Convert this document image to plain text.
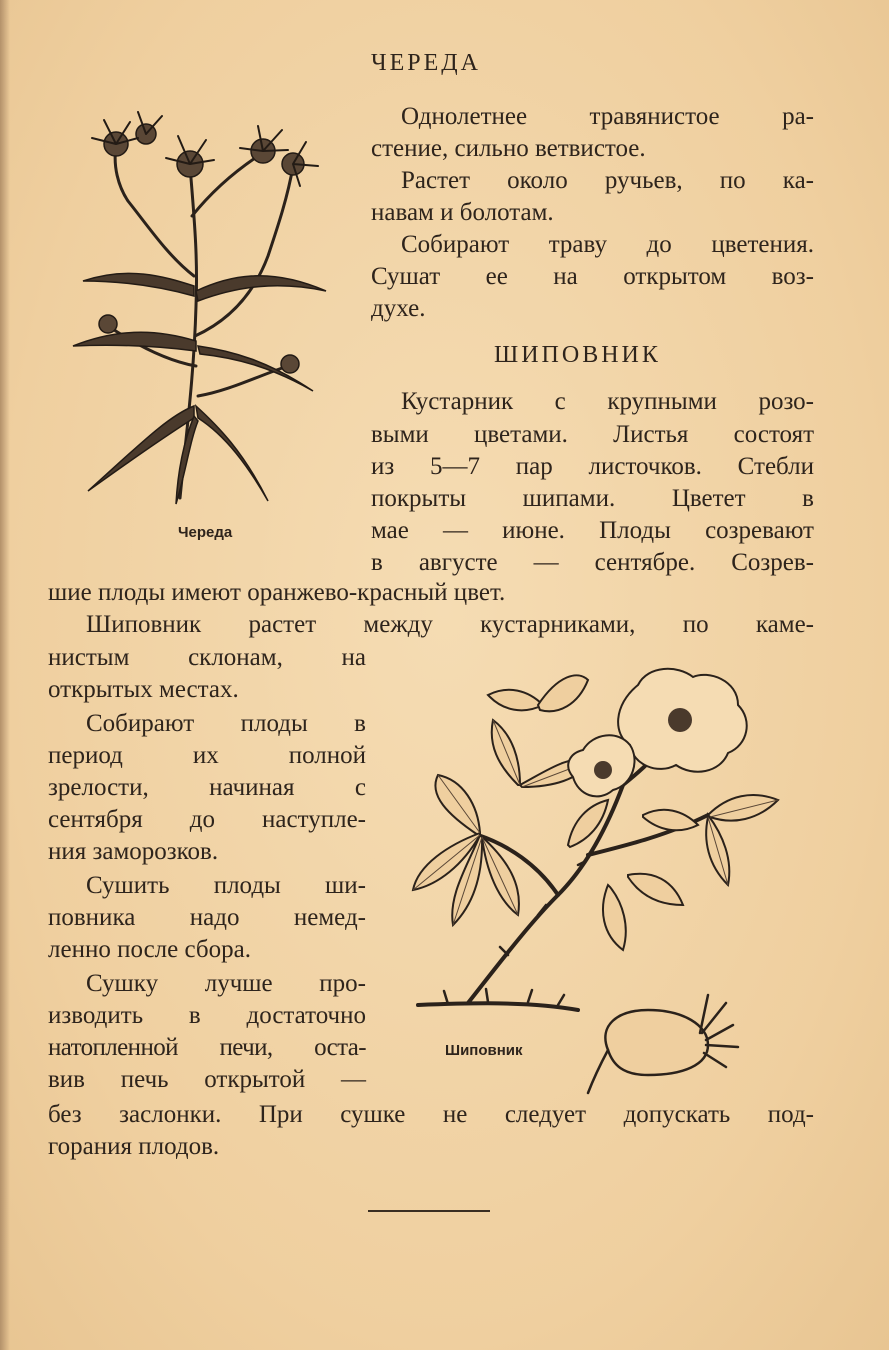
Череда

ЧЕРЕДА

Однолетнее травянистое ра-

стение, сильно ветвистое.

Растет около ручьев, по ка-

навам и болотам.

Собирают траву до цветения.

Сушат ее на открытом воз-

духе.

ШИПОВНИК

Кустарник с крупными розо-

выми цветами. Листья состоят

из 5—7 пар листочков. Стебли

покрыты шипами. Цветет в

мае — июне. Плоды созревают

в августе — сентябре. Созрев-

шие плоды имеют оранжево-красный цвет.

Шиповник растет между кустарниками, по каме-

нистым склонам, на

открытых местах.

Собирают плоды в

период их полной

зрелости, начиная с

сентября до наступле-

ния заморозков.

Сушить плоды ши-

повника надо немед-

ленно после сбора.

Сушку лучше про-

изводить в достаточно

натопленной печи, оста-

вив печь открытой —

без заслонки. При сушке не следует допускать под-

горания плодов.

Шиповник
